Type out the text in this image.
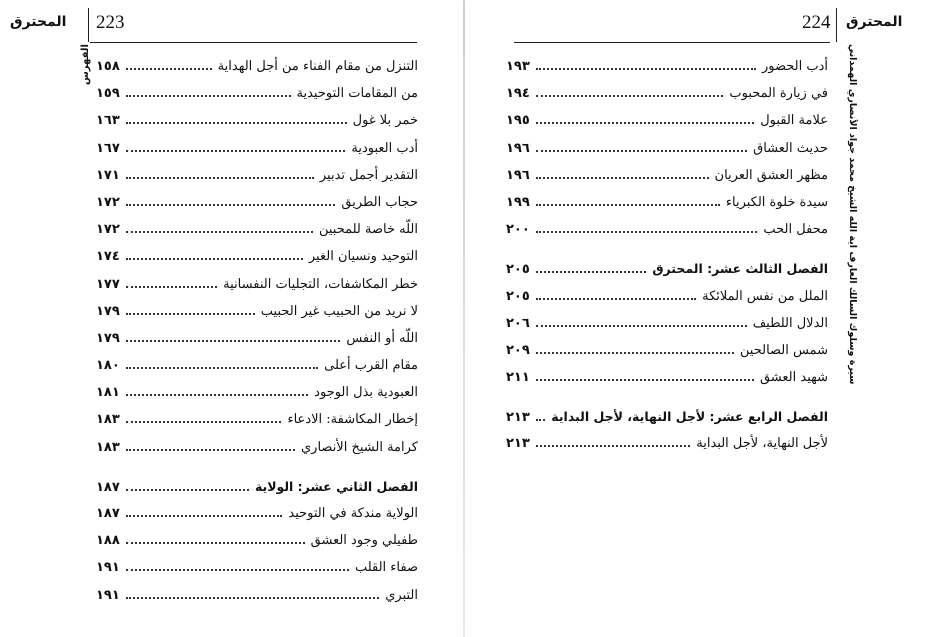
المحترق 223
الفهرس	التنزل من مقام الفناء من أجل الهداية
١٥٨
من المقامات التوحيدية
١٥٩
خمر بلا غول
١٦٣
أدب العبودية
١٦٧
التقدير أجمل تدبير
١٧١
حجاب الطريق
١٧٢
اللّه خاصة للمحبين
١٧٢
التوحيد ونسيان الغير
١٧٤
خطر المكاشفات، التجليات النفسانية
١٧٧
لا نريد من الحبيب غير الحبيب
١٧٩
اللّه أو النفس
١٧٩
مقام القرب أعلى
١٨٠
العبودية بذل الوجود
١٨١
إخطار المكاشفة: الادعاء
١٨٣
كرامة الشيخ الأنصاري
١٨٣
الفصل الثاني عشر: الولاية
١٨٧
الولاية مندكة في التوحيد
١٨٧
طفيلي وجود العشق
١٨٨
صفاء القلب
١٩١
التبري
١٩١
224 المحترق
سيرة وسلوك السالك العارف آية الله الشيخ محمد جواد الأنصاري الهمداني
أدب الحضور
١٩٣
في زيارة المحبوب
١٩٤
علامة القبول
١٩٥
حديث العشاق
١٩٦
مظهر العشق العريان
١٩٦
سيدة خلوة الكبرياء
١٩٩
محفل الحب
٢٠٠
الفصل الثالث عشر: المحترق
٢٠٥
الملل من نفس الملائكة
٢٠٥
الدلال اللطيف
٢٠٦
شمس الصالحين
٢٠٩
شهيد العشق
٢١١
الفصل الرابع عشر: لأجل النهاية، لأجل البداية
٢١٣
لأجل النهاية، لأجل البداية
٢١٣
